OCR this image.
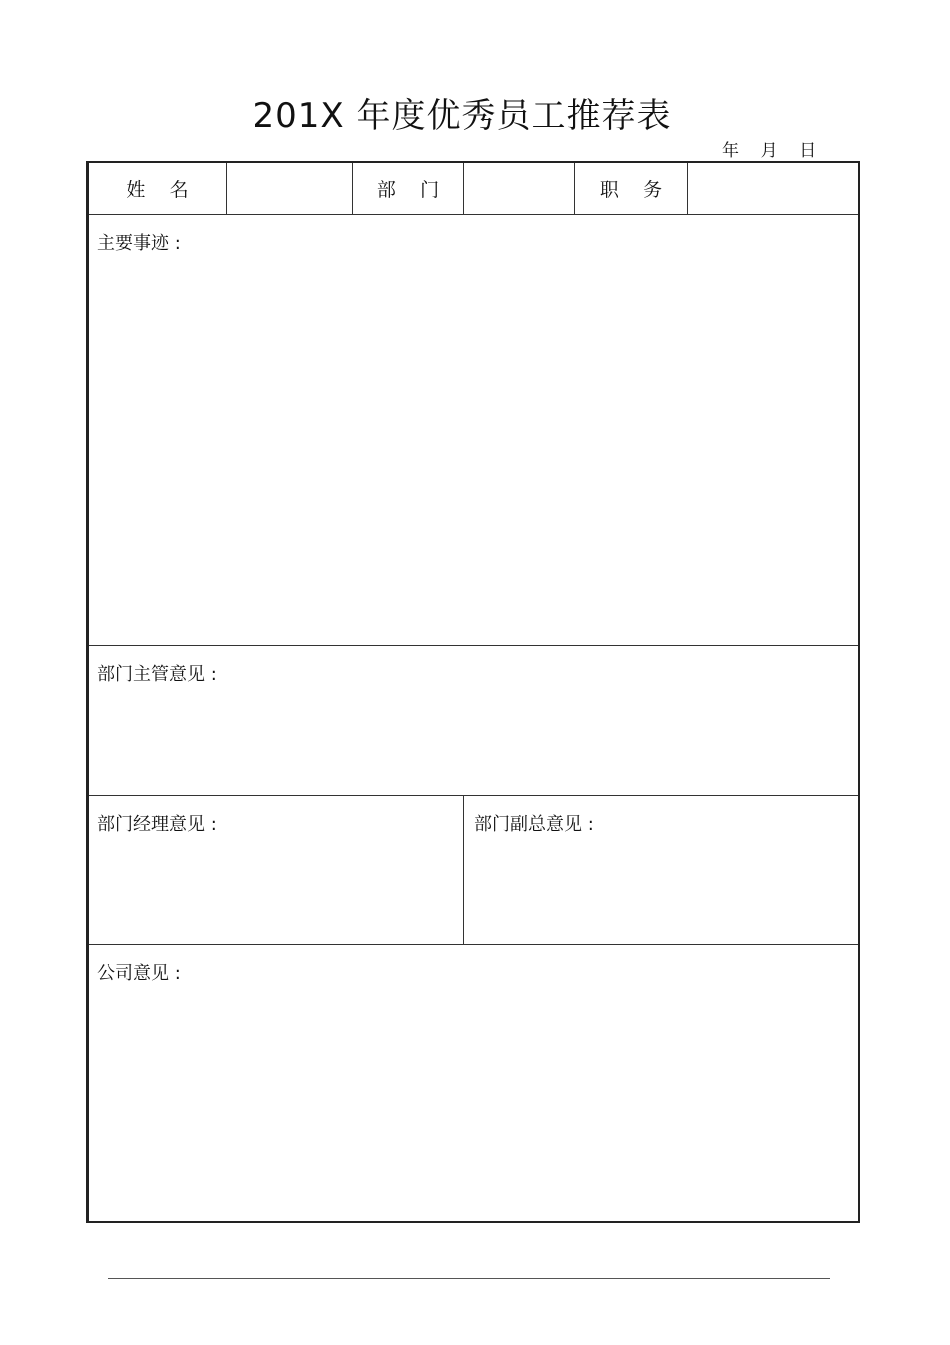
201X 年度优秀员工推荐表
年    月    日
姓    名	部    门	职    务
主要事迹 :
部门主管意见 :
部门经理意见 :	部门副总意见 :
公司意见 :
